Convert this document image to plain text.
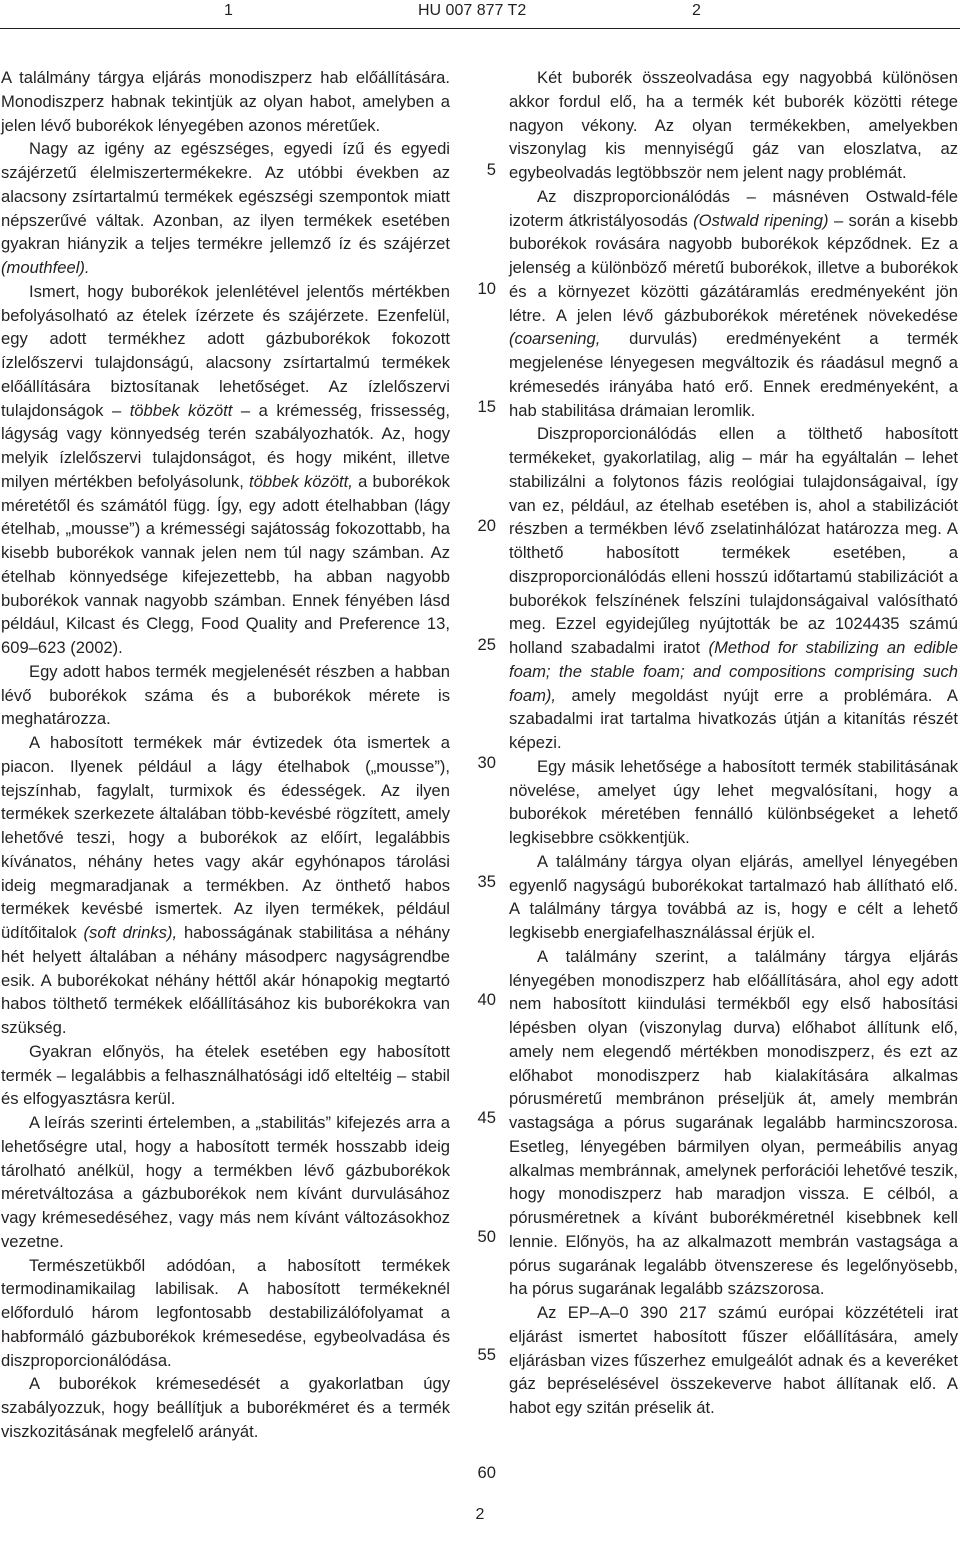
1	HU 007 877 T2	2

A találmány tárgya eljárás monodiszperz hab előállítására. Monodiszperz habnak tekintjük az olyan habot, amelyben a jelen lévő buborékok lényegében azonos méretűek.

Nagy az igény az egészséges, egyedi ízű és egyedi szájérzetű élelmiszertermékekre. Az utóbbi években az alacsony zsírtartalmú termékek egészségi szempontok miatt népszerűvé váltak. Azonban, az ilyen termékek esetében gyakran hiányzik a teljes termékre jellemző íz és szájérzet (mouthfeel).

Ismert, hogy buborékok jelenlétével jelentős mértékben befolyásolható az ételek ízérzete és szájérzete. Ezenfelül, egy adott termékhez adott gázbuborékok fokozott ízlelőszervi tulajdonságú, alacsony zsírtartalmú termékek előállítására biztosítanak lehetőséget. Az ízlelőszervi tulajdonságok – többek között – a krémesség, frissesség, lágyság vagy könnyedség terén szabályozhatók. Az, hogy melyik ízlelőszervi tulajdonságot, és hogy miként, illetve milyen mértékben befolyásolunk, többek között, a buborékok méretétől és számától függ. Így, egy adott ételhabban (lágy ételhab, „mousse”) a krémességi sajátosság fokozottabb, ha kisebb buborékok vannak jelen nem túl nagy számban. Az ételhab könnyedsége kifejezettebb, ha abban nagyobb buborékok vannak nagyobb számban. Ennek fényében lásd például, Kilcast és Clegg, Food Quality and Preference 13, 609–623 (2002).

Egy adott habos termék megjelenését részben a habban lévő buborékok száma és a buborékok mérete is meghatározza.

A habosított termékek már évtizedek óta ismertek a piacon. Ilyenek például a lágy ételhabok („mousse”), tejszínhab, fagylalt, turmixok és édességek. Az ilyen termékek szerkezete általában több-kevésbé rögzített, amely lehetővé teszi, hogy a buborékok az előírt, legalábbis kívánatos, néhány hetes vagy akár egyhónapos tárolási ideig megmaradjanak a termékben. Az önthető habos termékek kevésbé ismertek. Az ilyen termékek, például üdítőitalok (soft drinks), habosságának stabilitása a néhány hét helyett általában a néhány másodperc nagyságrendbe esik. A buborékokat néhány héttől akár hónapokig megtartó habos tölthető termékek előállításához kis buborékokra van szükség.

Gyakran előnyös, ha ételek esetében egy habosított termék – legalábbis a felhasználhatósági idő elteltéig – stabil és elfogyasztásra kerül.

A leírás szerinti értelemben, a „stabilitás” kifejezés arra a lehetőségre utal, hogy a habosított termék hosszabb ideig tárolható anélkül, hogy a termékben lévő gázbuborékok méretváltozása a gázbuborékok nem kívánt durvulásához vagy krémesedéséhez, vagy más nem kívánt változásokhoz vezetne.

Természetükből adódóan, a habosított termékek termodinamikailag labilisak. A habosított termékeknél előforduló három legfontosabb destabilizálófolyamat a habformáló gázbuborékok krémesedése, egybeolvadása és diszproporcionálódása.

A buborékok krémesedését a gyakorlatban úgy szabályozzuk, hogy beállítjuk a buborékméret és a termék viszkozitásának megfelelő arányát.

5
10
15
20
25
30
35
40
45
50
55
60

Két buborék összeolvadása egy nagyobbá különösen akkor fordul elő, ha a termék két buborék közötti rétege nagyon vékony. Az olyan termékekben, amelyekben viszonylag kis mennyiségű gáz van eloszlatva, az egybeolvadás legtöbbször nem jelent nagy problémát.

Az diszproporcionálódás – másnéven Ostwald-féle izoterm átkristályosodás (Ostwald ripening) – során a kisebb buborékok rovására nagyobb buborékok képződnek. Ez a jelenség a különböző méretű buborékok, illetve a buborékok és a környezet közötti gázátáramlás eredményeként jön létre. A jelen lévő gázbuborékok méretének növekedése (coarsening, durvulás) eredményeként a termék megjelenése lényegesen megváltozik és ráadásul megnő a krémesedés irányába ható erő. Ennek eredményeként, a hab stabilitása drámaian leromlik.

Diszproporcionálódás ellen a tölthető habosított termékeket, gyakorlatilag, alig – már ha egyáltalán – lehet stabilizálni a folytonos fázis reológiai tulajdonságaival, így van ez, például, az ételhab esetében is, ahol a stabilizációt részben a termékben lévő zselatinhálózat határozza meg. A tölthető habosított termékek esetében, a diszproporcionálódás elleni hosszú időtartamú stabilizációt a buborékok felszínének felszíni tulajdonságaival valósítható meg. Ezzel egyidejűleg nyújtották be az 1024435 számú holland szabadalmi iratot (Method for stabilizing an edible foam; the stable foam; and compositions comprising such foam), amely megoldást nyújt erre a problémára. A szabadalmi irat tartalma hivatkozás útján a kitanítás részét képezi.

Egy másik lehetősége a habosított termék stabilitásának növelése, amelyet úgy lehet megvalósítani, hogy a buborékok méretében fennálló különbségeket a lehető legkisebbre csökkentjük.

A találmány tárgya olyan eljárás, amellyel lényegében egyenlő nagyságú buborékokat tartalmazó hab állítható elő. A találmány tárgya továbbá az is, hogy e célt a lehető legkisebb energiafelhasználással érjük el.

A találmány szerint, a találmány tárgya eljárás lényegében monodiszperz hab előállítására, ahol egy adott nem habosított kiindulási termékből egy első habosítási lépésben olyan (viszonylag durva) előhabot állítunk elő, amely nem elegendő mértékben monodiszperz, és ezt az előhabot monodiszperz hab kialakítására alkalmas pórusméretű membránon préseljük át, amely membrán vastagsága a pórus sugarának legalább harmincszorosa. Esetleg, lényegében bármilyen olyan, permeábilis anyag alkalmas membránnak, amelynek perforációi lehetővé teszik, hogy monodiszperz hab maradjon vissza. E célból, a pórusméretnek a kívánt buborékméretnél kisebbnek kell lennie. Előnyös, ha az alkalmazott membrán vastagsága a pórus sugarának legalább ötvenszerese és legelőnyösebb, ha pórus sugarának legalább százszorosa.

Az EP–A–0 390 217 számú európai közzétételi irat eljárást ismertet habosított fűszer előállítására, amely eljárásban vizes fűszerhez emulgeálót adnak és a keveréket gáz bepréselésével összekeverve habot állítanak elő. A habot egy szitán préselik át.

2
